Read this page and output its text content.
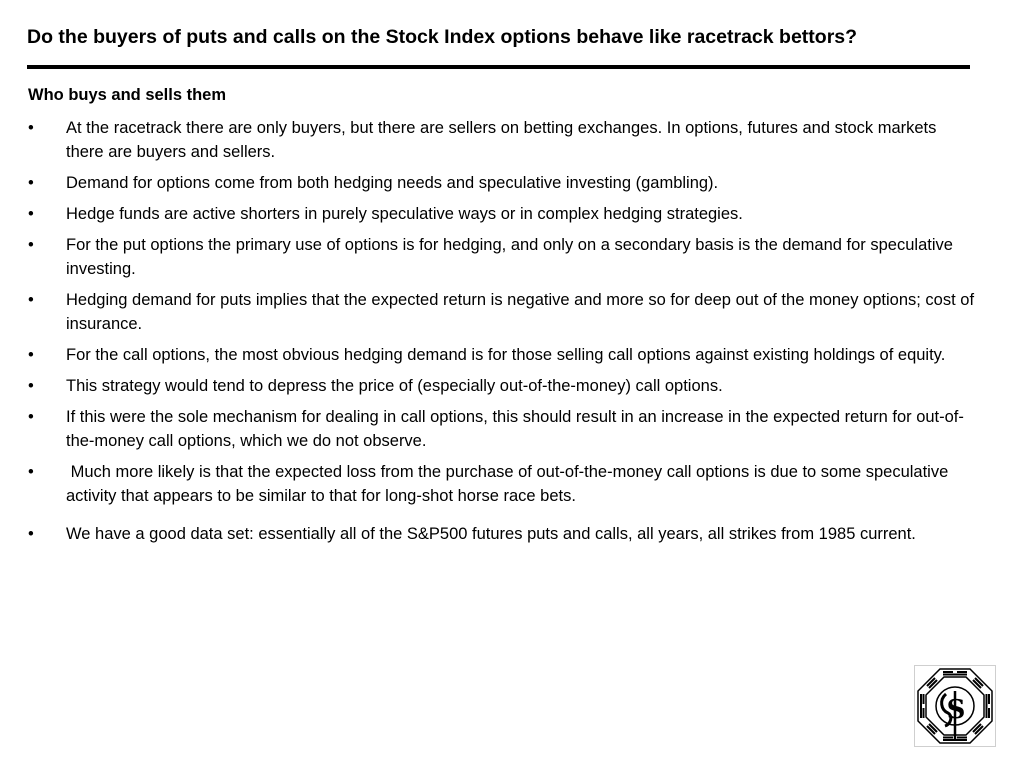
Do the buyers of puts and calls on the Stock Index options behave like racetrack bettors?
Who buys and sells them
•	At the racetrack there are only buyers, but there are sellers on betting exchanges. In options, futures and stock markets there are buyers and sellers.
•	Demand for options come from both hedging needs and speculative investing (gambling).
•	Hedge funds are active shorters in purely speculative ways or in complex hedging strategies.
•	For the put options the primary use of options is for hedging, and only on a secondary basis is the demand for speculative investing.
•	Hedging demand for puts implies that the expected return is negative and more so for deep out of the money options; cost of insurance.
•	For the call options, the most obvious hedging demand is for those selling call options against existing holdings of equity.
•	This strategy would tend to depress the price of (especially out-of-the-money) call options.
•	If this were the sole mechanism for dealing in call options, this should result in an increase in the expected return for out-of-the-money call options, which we do not observe.
•	Much more likely is that the expected loss from the purchase of out-of-the-money call options is due to some speculative activity that appears to be similar to that for long-shot horse race bets.
•	We have a good data set: essentially all of the S&P500 futures puts and calls, all years, all strikes from 1985 current.
S
